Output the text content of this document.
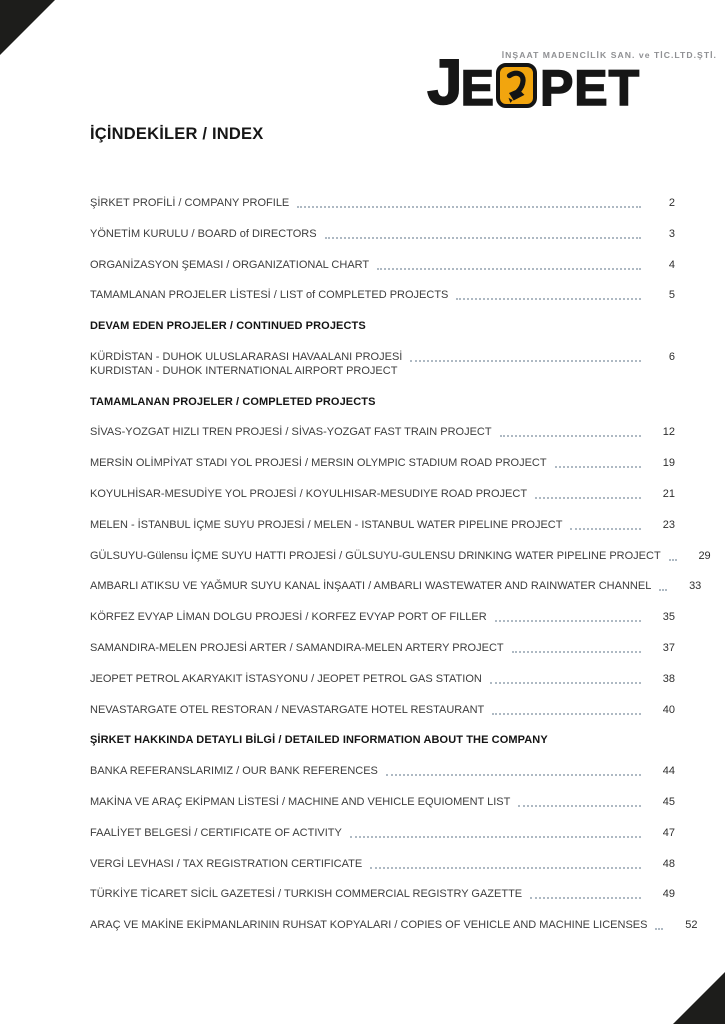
İNŞAAT MADENCİLİK SAN. ve TİC.LTD.ŞTİ.
J E PET
İÇİNDEKİLER / INDEX
ŞİRKET PROFİLİ / COMPANY PROFILE	2
YÖNETİM KURULU / BOARD of DIRECTORS	3
ORGANİZASYON ŞEMASI / ORGANIZATIONAL CHART	4
TAMAMLANAN PROJELER LİSTESİ / LIST of COMPLETED PROJECTS	5
DEVAM EDEN PROJELER / CONTINUED PROJECTS
KÜRDİSTAN - DUHOK ULUSLARARASI HAVAALANI PROJESİ	6
KURDISTAN - DUHOK INTERNATIONAL AIRPORT PROJECT
TAMAMLANAN PROJELER / COMPLETED PROJECTS
SİVAS-YOZGAT HIZLI TREN PROJESİ / SİVAS-YOZGAT FAST TRAIN PROJECT	12
MERSİN OLİMPİYAT STADI YOL PROJESİ / MERSIN OLYMPIC STADIUM ROAD PROJECT	19
KOYULHİSAR-MESUDİYE YOL PROJESİ / KOYULHISAR-MESUDIYE ROAD PROJECT	21
MELEN - İSTANBUL İÇME SUYU PROJESİ / MELEN - ISTANBUL WATER PIPELINE PROJECT	23
GÜLSUYU-Gülensu İÇME SUYU HATTI PROJESİ / GÜLSUYU-GULENSU DRINKING WATER PIPELINE PROJECT	29
AMBARLI ATIKSU VE YAĞMUR SUYU KANAL İNŞAATI / AMBARLI WASTEWATER AND RAINWATER CHANNEL	33
KÖRFEZ EVYAP LİMAN DOLGU PROJESİ / KORFEZ EVYAP PORT OF FILLER	35
SAMANDIRA-MELEN PROJESİ ARTER / SAMANDIRA-MELEN ARTERY PROJECT	37
JEOPET PETROL AKARYAKIT İSTASYONU / JEOPET PETROL GAS STATION	38
NEVASTARGATE OTEL RESTORAN / NEVASTARGATE HOTEL RESTAURANT	40
ŞİRKET HAKKINDA DETAYLI BİLGİ / DETAILED INFORMATION ABOUT THE COMPANY
BANKA REFERANSLARIMIZ / OUR BANK REFERENCES	44
MAKİNA VE ARAÇ EKİPMAN LİSTESİ / MACHINE AND VEHICLE EQUIOMENT LIST	45
FAALİYET BELGESİ / CERTIFICATE OF ACTIVITY	47
VERGİ LEVHASI / TAX REGISTRATION CERTIFICATE	48
TÜRKİYE TİCARET SİCİL GAZETESİ / TURKISH COMMERCIAL REGISTRY GAZETTE	49
ARAÇ VE MAKİNE EKİPMANLARININ RUHSAT KOPYALARI / COPIES OF VEHICLE AND MACHINE LICENSES	52
